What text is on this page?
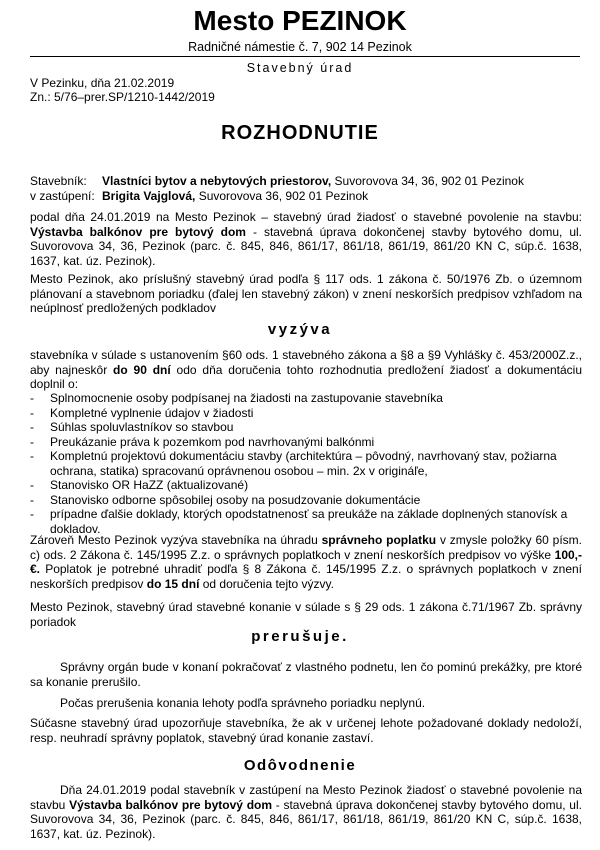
Mesto PEZINOK
Radničné námestie č. 7, 902 14 Pezinok
Stavebný úrad
V Pezinku, dňa 21.02.2019
Zn.: 5/76–prer.SP/1210-1442/2019
ROZHODNUTIE
Stavebník:	Vlastníci bytov a nebytových priestorov, Suvorovova 34, 36, 902 01 Pezinok
v zastúpení: Brigita Vajglová, Suvorovova 36, 902 01 Pezinok
podal dňa 24.01.2019 na Mesto Pezinok – stavebný úrad žiadosť o stavebné povolenie na stavbu: Výstavba balkónov pre bytový dom - stavebná úprava dokončenej stavby bytového domu, ul. Suvorovova 34, 36, Pezinok (parc. č. 845, 846, 861/17, 861/18, 861/19, 861/20 KN C, súp.č. 1638, 1637, kat. úz. Pezinok).
Mesto Pezinok, ako príslušný stavebný úrad podľa § 117 ods. 1 zákona č. 50/1976 Zb. o územnom plánovaní a stavebnom poriadku (ďalej len stavebný zákon) v znení neskorších predpisov vzhľadom na neúplnosť predložených podkladov
vyzýva
stavebníka v súlade s ustanovením §60 ods. 1 stavebného zákona a §8 a §9 Vyhlášky č. 453/2000Z.z., aby najneskôr do 90 dní odo dňa doručenia tohto rozhodnutia predložení žiadosť a dokumentáciu doplnil o:
-	Splnomocnenie osoby podpísanej na žiadosti na zastupovanie stavebníka
-	Kompletné vyplnenie údajov v žiadosti
-	Súhlas spoluvlastníkov so stavbou
-	Preukázanie práva k pozemkom pod navrhovanými balkónmi
-	Kompletnú projektovú dokumentáciu stavby (architektúra – pôvodný, navrhovaný stav, požiarna ochrana, statika) spracovanú oprávnenou osobou – min. 2x v origináľe,
-	Stanovisko OR HaZZ (aktualizované)
-	Stanovisko odborne spôsobilej osoby na posudzovanie dokumentácie
-	prípadne ďalšie doklady, ktorých opodstatnenosť sa preukáže na základe doplnených stanovísk a dokladov.
Zároveň Mesto Pezinok vyzýva stavebníka na úhradu správneho poplatku v zmysle položky 60 písm. c) ods. 2 Zákona č. 145/1995 Z.z. o správnych poplatkoch v znení neskorších predpisov vo výške 100,-€. Poplatok je potrebné uhradiť podľa § 8 Zákona č. 145/1995 Z.z. o správnych poplatkoch v znení neskorších predpisov do 15 dní od doručenia tejto výzvy.
Mesto Pezinok, stavebný úrad stavebné konanie v súlade s § 29 ods. 1 zákona č.71/1967 Zb. správny poriadok
prerušuje.
Správny orgán bude v konaní pokračovať z vlastného podnetu, len čo pominú prekážky, pre ktoré sa konanie prerušilo.
Počas prerušenia konania lehoty podľa správneho poriadku neplynú.
Súčasne stavebný úrad upozorňuje stavebníka, že ak v určenej lehote požadované doklady nedoloží, resp. neuhradí správny poplatok, stavebný úrad konanie zastaví.
Odôvodnenie
Dňa 24.01.2019 podal stavebník v zastúpení na Mesto Pezinok žiadosť o stavebné povolenie na stavbu Výstavba balkónov pre bytový dom - stavebná úprava dokončenej stavby bytového domu, ul. Suvorovova 34, 36, Pezinok (parc. č. 845, 846, 861/17, 861/18, 861/19, 861/20 KN C, súp.č. 1638, 1637, kat. úz. Pezinok).
